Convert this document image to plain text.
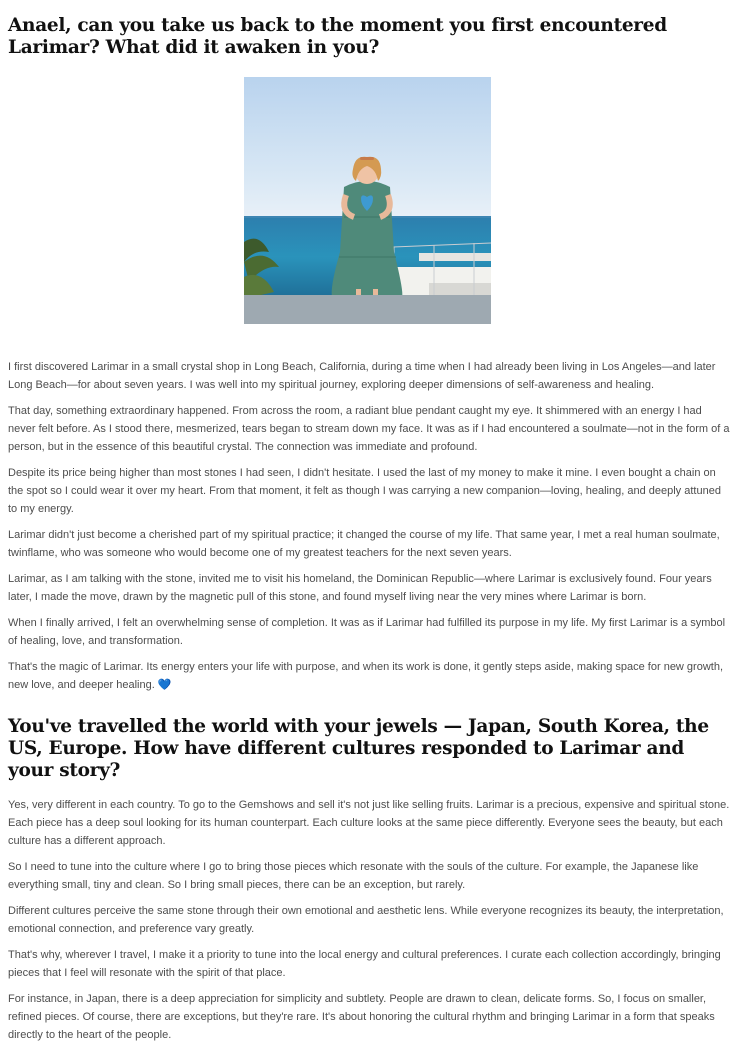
Anael, can you take us back to the moment you first encountered Larimar? What did it awaken in you?

I first discovered Larimar in a small crystal shop in Long Beach, California, during a time when I had already been living in Los Angeles—and later Long Beach—for about seven years. I was well into my spiritual journey, exploring deeper dimensions of self-awareness and healing.

That day, something extraordinary happened. From across the room, a radiant blue pendant caught my eye. It shimmered with an energy I had never felt before. As I stood there, mesmerized, tears began to stream down my face. It was as if I had encountered a soulmate—not in the form of a person, but in the essence of this beautiful crystal. The connection was immediate and profound.

Despite its price being higher than most stones I had seen, I didn't hesitate. I used the last of my money to make it mine. I even bought a chain on the spot so I could wear it over my heart. From that moment, it felt as though I was carrying a new companion—loving, healing, and deeply attuned to my energy.

Larimar didn't just become a cherished part of my spiritual practice; it changed the course of my life. That same year, I met a real human soulmate, twinflame, who was someone who would become one of my greatest teachers for the next seven years.

Larimar, as I am talking with the stone, invited me to visit his homeland, the Dominican Republic—where Larimar is exclusively found. Four years later, I made the move, drawn by the magnetic pull of this stone, and found myself living near the very mines where Larimar is born.

When I finally arrived, I felt an overwhelming sense of completion. It was as if Larimar had fulfilled its purpose in my life. My first Larimar is a symbol of healing, love, and transformation.

That's the magic of Larimar. Its energy enters your life with purpose, and when its work is done, it gently steps aside, making space for new growth, new love, and deeper healing. 💙

You've travelled the world with your jewels — Japan, South Korea, the US, Europe. How have different cultures responded to Larimar and your story?

Yes, very different in each country. To go to the Gemshows and sell it's not just like selling fruits. Larimar is a precious, expensive and spiritual stone. Each piece has a deep soul looking for its human counterpart. Each culture looks at the same piece differently. Everyone sees the beauty, but each culture has a different approach.

So I need to tune into the culture where I go to bring those pieces which resonate with the souls of the culture. For example, the Japanese like everything small, tiny and clean. So I bring small pieces, there can be an exception, but rarely.

Different cultures perceive the same stone through their own emotional and aesthetic lens. While everyone recognizes its beauty, the interpretation, emotional connection, and preference vary greatly.

That's why, wherever I travel, I make it a priority to tune into the local energy and cultural preferences. I curate each collection accordingly, bringing pieces that I feel will resonate with the spirit of that place.

For instance, in Japan, there is a deep appreciation for simplicity and subtlety. People are drawn to clean, delicate forms. So, I focus on smaller, refined pieces. Of course, there are exceptions, but they're rare. It's about honoring the cultural rhythm and bringing Larimar in a form that speaks directly to the heart of the people.
